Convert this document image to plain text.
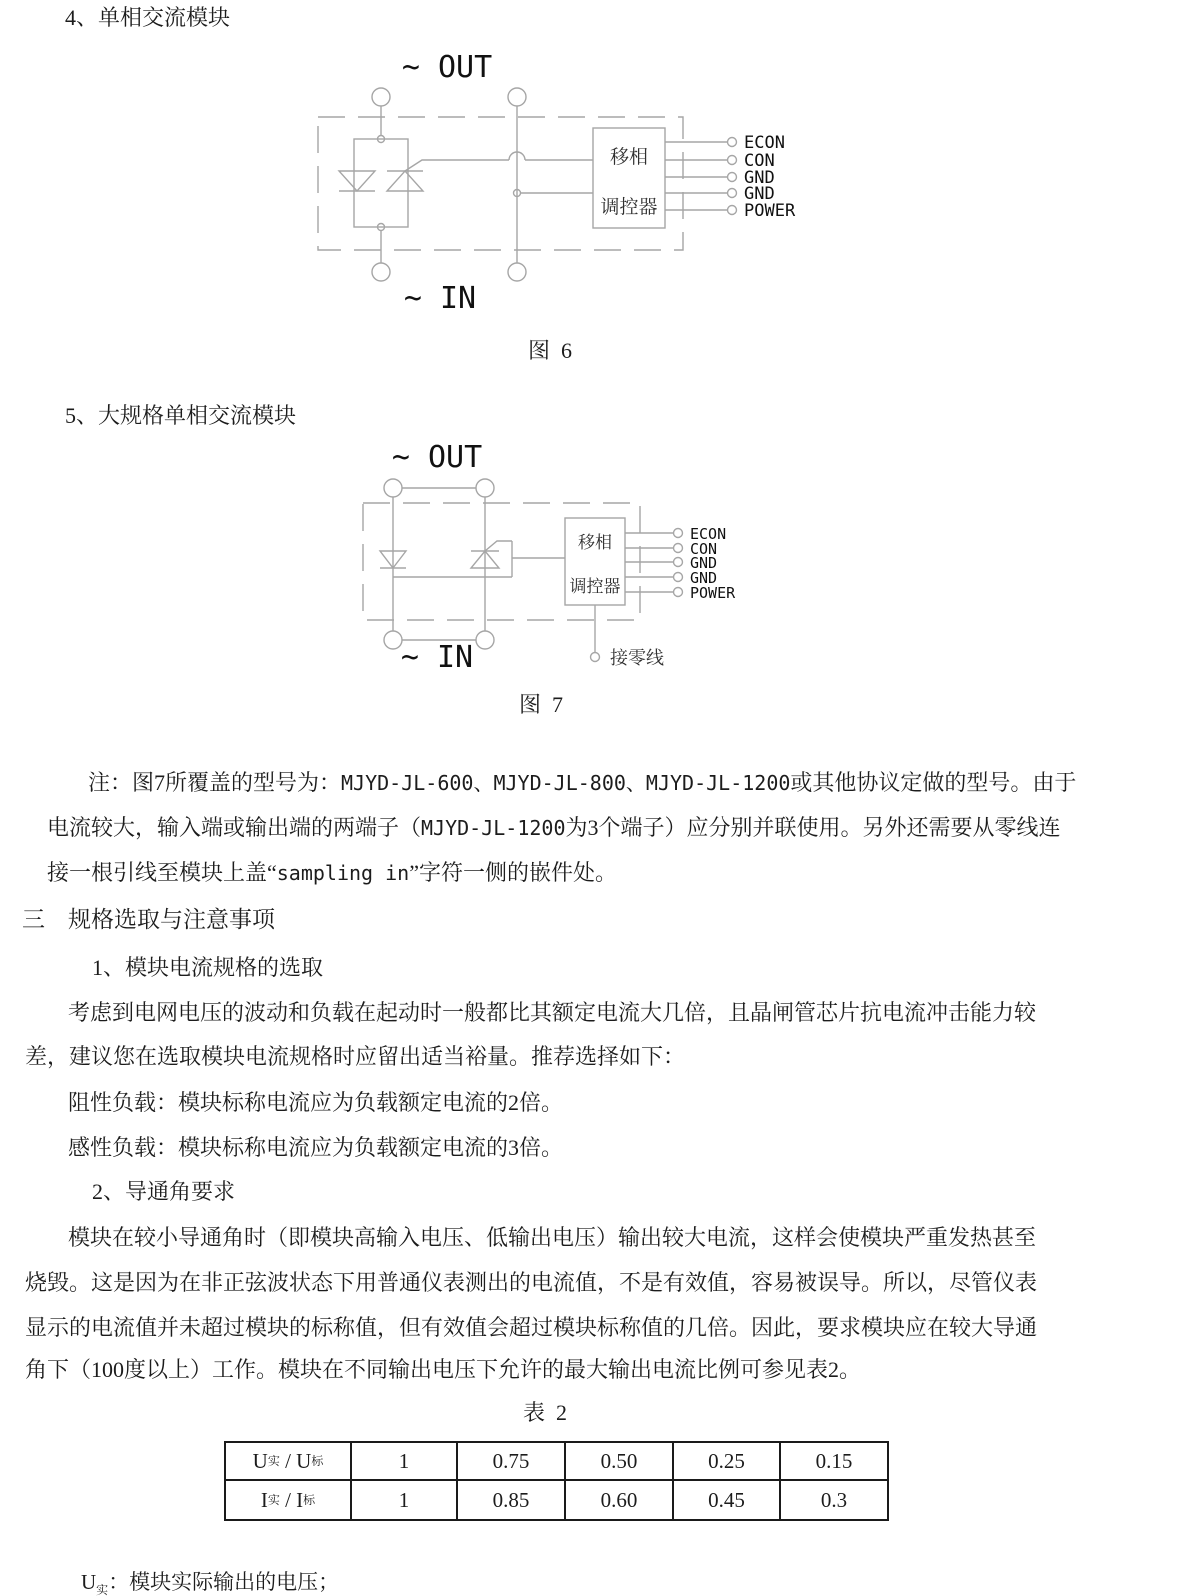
4、单相交流模块
~ OUT
~ IN
移相
调控器
ECON
CON
GND
GND
POWER
图  6
5、大规格单相交流模块
~ OUT
~ IN
移相
调控器
ECON
CON
GND
GND
POWER
接零线
图  7

注：图7所覆盖的型号为：MJYD-JL-600、MJYD-JL-800、MJYD-JL-1200或其他协议定做的型号。由于

电流较大，输入端或输出端的两端子（MJYD-JL-1200为3个端子）应分别并联使用。另外还需要从零线连

接一根引线至模块上盖“sampling in”字符一侧的嵌件处。

三　规格选取与注意事项
1、模块电流规格的选取
考虑到电网电压的波动和负载在起动时一般都比其额定电流大几倍，且晶闸管芯片抗电流冲击能力较
差，建议您在选取模块电流规格时应留出适当裕量。推荐选择如下：
阻性负载：模块标称电流应为负载额定电流的2倍。
感性负载：模块标称电流应为负载额定电流的3倍。
2、导通角要求
模块在较小导通角时（即模块高输入电压、低输出电压）输出较大电流，这样会使模块严重发热甚至
烧毁。这是因为在非正弦波状态下用普通仪表测出的电流值，不是有效值，容易被误导。所以，尽管仪表
显示的电流值并未超过模块的标称值，但有效值会超过模块标称值的几倍。因此，要求模块应在较大导通
角下（100度以上）工作。模块在不同输出电压下允许的最大输出电流比例可参见表2。
表  2
U 实 / U 标	1	0.75	0.50	0.25	0.15
I 实 / I 标	1	0.85	0.60	0.45	0.3

$U_实$：模块实际输出的电压；
